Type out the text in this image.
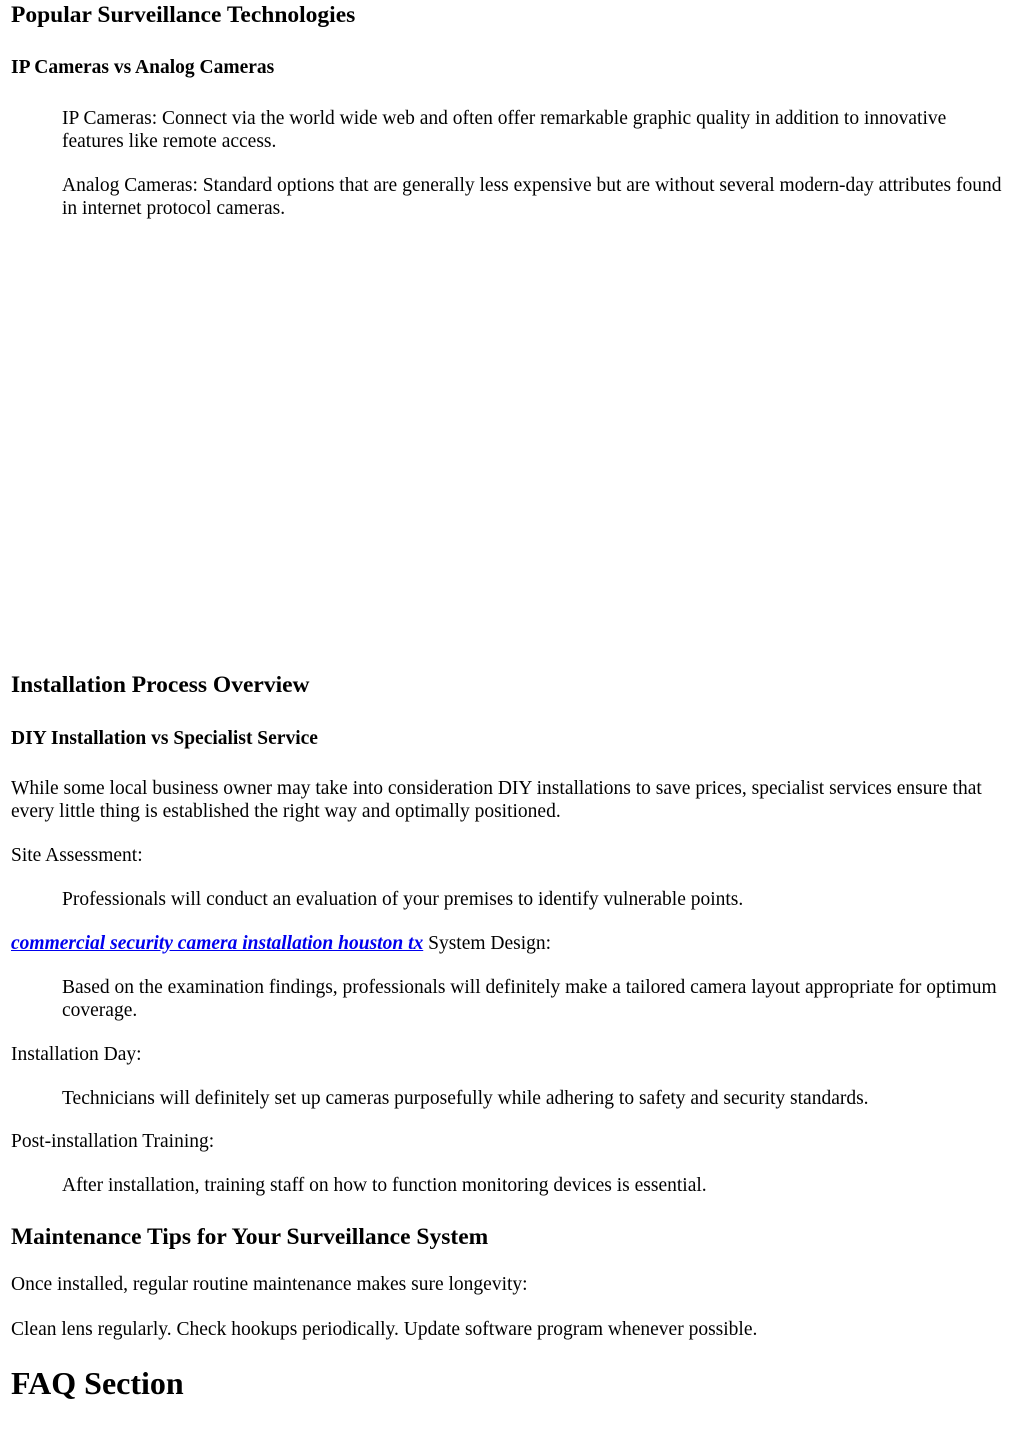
Popular Surveillance Technologies
IP Cameras vs Analog Cameras

IP Cameras: Connect via the world wide web and often offer remarkable graphic quality in addition to innovative features like remote access.

Analog Cameras: Standard options that are generally less expensive but are without several modern-day attributes found in internet protocol cameras.

Installation Process Overview
DIY Installation vs Specialist Service

While some local business owner may take into consideration DIY installations to save prices, specialist services ensure that every little thing is established the right way and optimally positioned.

Site Assessment:

Professionals will conduct an evaluation of your premises to identify vulnerable points.

commercial security camera installation houston tx System Design:

Based on the examination findings, professionals will definitely make a tailored camera layout appropriate for optimum coverage.

Installation Day:

Technicians will definitely set up cameras purposefully while adhering to safety and security standards.

Post-installation Training:

After installation, training staff on how to function monitoring devices is essential.

Maintenance Tips for Your Surveillance System

Once installed, regular routine maintenance makes sure longevity:

Clean lens regularly. Check hookups periodically. Update software program whenever possible.

FAQ Section
